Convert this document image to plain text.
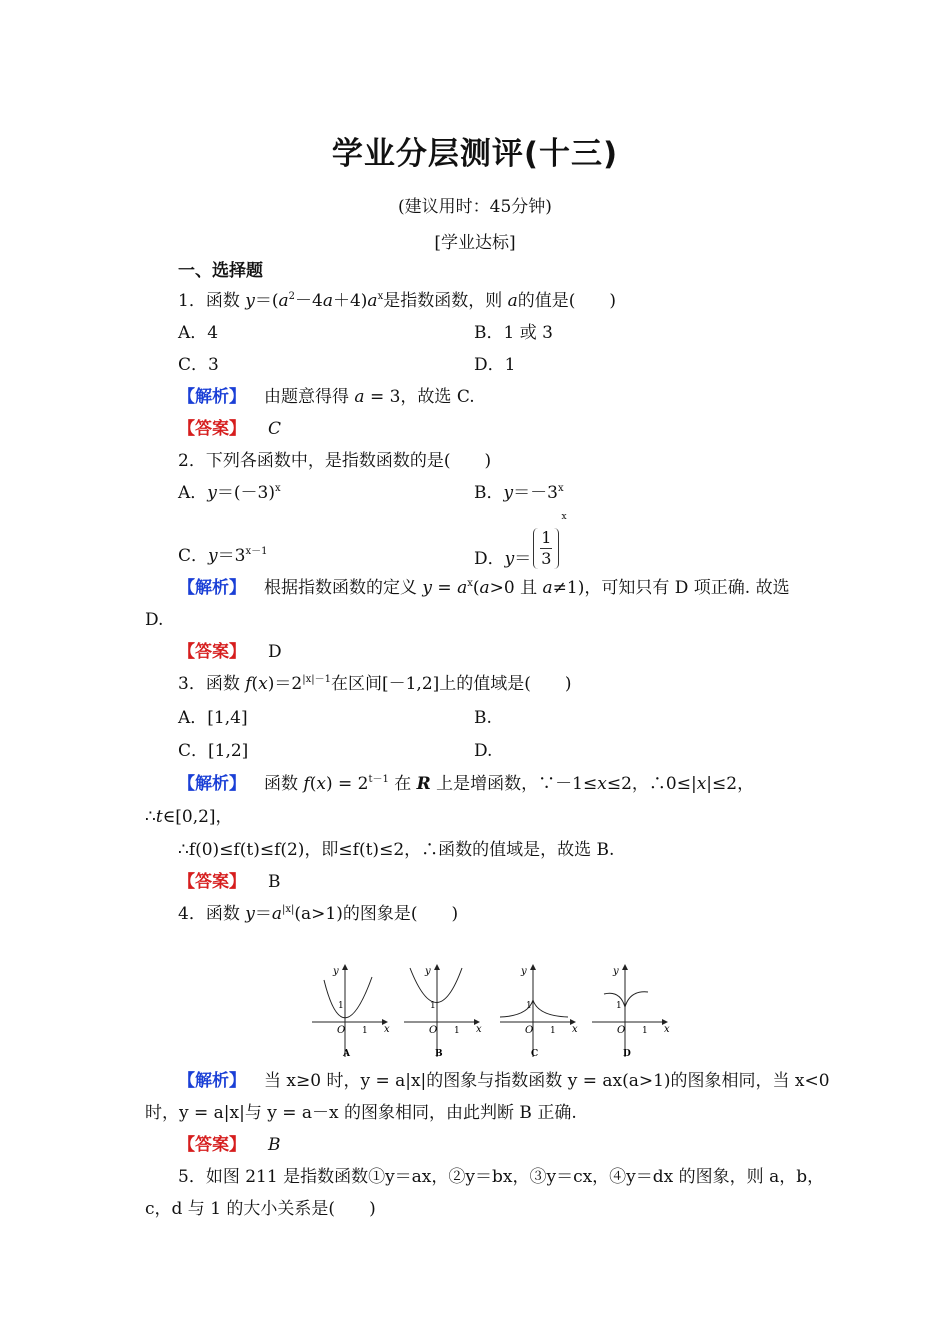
学业分层测评(十三)
(建议用时：45分钟)
[学业达标]
一、选择题
1．函数 $y=(a^2-4a+4)a^x$是指数函数，则 a的值是(　　)
A．4	B．1 或 3
C．3	D．1
【解析】 由题意得得 a = 3，故选 C.
【答案】 C
2．下列各函数中，是指数函数的是(　　)
A．$y=(-3)^x$	B．$y=-3^x$
C．$y=3^{x-1}$	D．$y= \frac{1}{3}$
$^x$
【解析】 根据指数函数的定义 $y = a^x(a>0$ 且 a≠1)，可知只有 D 项正确. 故选
D.
【答案】 D
3．函数 $f(x)=2^{|x|-1}$在区间[－1,2]上的值域是(　　)
A．[1,4]	B.
C．[1,2]	D.
【解析】 函数 $f(x) = 2^{t-1}$ 在 R 上是增函数，∵－1≤x≤2，∴0≤|x|≤2，
∴t∈[0,2]，
∴f(0)≤f(t)≤f(2)，即≤f(t)≤2，∴函数的值域是，故选 B.
【答案】 B
4．函数 $y=a^{|x|}(a>1)$的图象是(　　)
y
x
O
1
1
A
y
x
O
1
1
B
y
x
O
1
1
C
y
x
O
1
1
D
【解析】 当 x≥0 时，y = a|x|的图象与指数函数 y = ax(a>1)的图象相同，当 x<0
时，y = a|x|与 y = a－x 的图象相同，由此判断 B 正确.
【答案】 B
5．如图 211 是指数函数①y＝ax，②y＝bx，③y＝cx，④y＝dx 的图象，则 a，b，
c，d 与 1 的大小关系是(　　)
